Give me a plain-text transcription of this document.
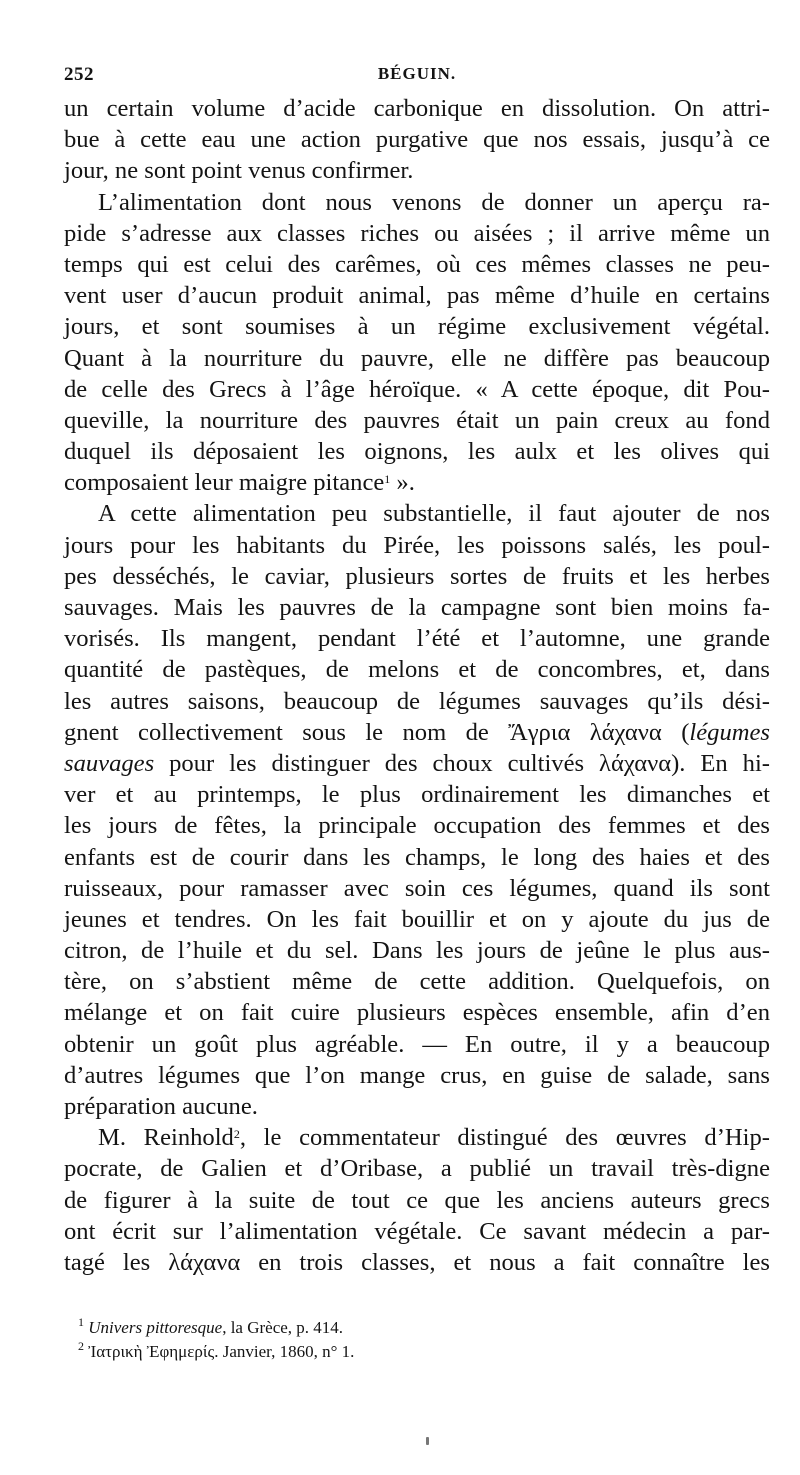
252	BÉGUIN.
un certain volume d’acide carbonique en dissolution. On attri-
bue à cette eau une action purgative que nos essais, jusqu’à ce
jour, ne sont point venus confirmer.
L’alimentation dont nous venons de donner un aperçu ra-
pide s’adresse aux classes riches ou aisées ; il arrive même un
temps qui est celui des carêmes, où ces mêmes classes ne peu-
vent user d’aucun produit animal, pas même d’huile en certains
jours, et sont soumises à un régime exclusivement végétal.
Quant à la nourriture du pauvre, elle ne diffère pas beaucoup
de celle des Grecs à l’âge héroïque. « A cette époque, dit Pou-
queville, la nourriture des pauvres était un pain creux au fond
duquel ils déposaient les oignons, les aulx et les olives qui
composaient leur maigre pitance$^1$ ».
A cette alimentation peu substantielle, il faut ajouter de nos
jours pour les habitants du Pirée, les poissons salés, les poul-
pes desséchés, le caviar, plusieurs sortes de fruits et les herbes
sauvages. Mais les pauvres de la campagne sont bien moins fa-
vorisés. Ils mangent, pendant l’été et l’automne, une grande
quantité de pastèques, de melons et de concombres, et, dans
les autres saisons, beaucoup de légumes sauvages qu’ils dési-
gnent collectivement sous le nom de Ἄγρια λάχανα (légumes
sauvages pour les distinguer des choux cultivés λάχανα). En hi-
ver et au printemps, le plus ordinairement les dimanches et
les jours de fêtes, la principale occupation des femmes et des
enfants est de courir dans les champs, le long des haies et des
ruisseaux, pour ramasser avec soin ces légumes, quand ils sont
jeunes et tendres. On les fait bouillir et on y ajoute du jus de
citron, de l’huile et du sel. Dans les jours de jeûne le plus aus-
tère, on s’abstient même de cette addition. Quelquefois, on
mélange et on fait cuire plusieurs espèces ensemble, afin d’en
obtenir un goût plus agréable. — En outre, il y a beaucoup
d’autres légumes que l’on mange crus, en guise de salade, sans
préparation aucune.
M. Reinhold$^2$, le commentateur distingué des œuvres d’Hip-
pocrate, de Galien et d’Oribase, a publié un travail très-digne
de figurer à la suite de tout ce que les anciens auteurs grecs
ont écrit sur l’alimentation végétale. Ce savant médecin a par-
tagé les λάχανα en trois classes, et nous a fait connaître les
$^1$ Univers pittoresque, la Grèce, p. 414.
$^2$ Ἰατρικὴ Ἐφημερίς. Janvier, 1860, n° 1.
